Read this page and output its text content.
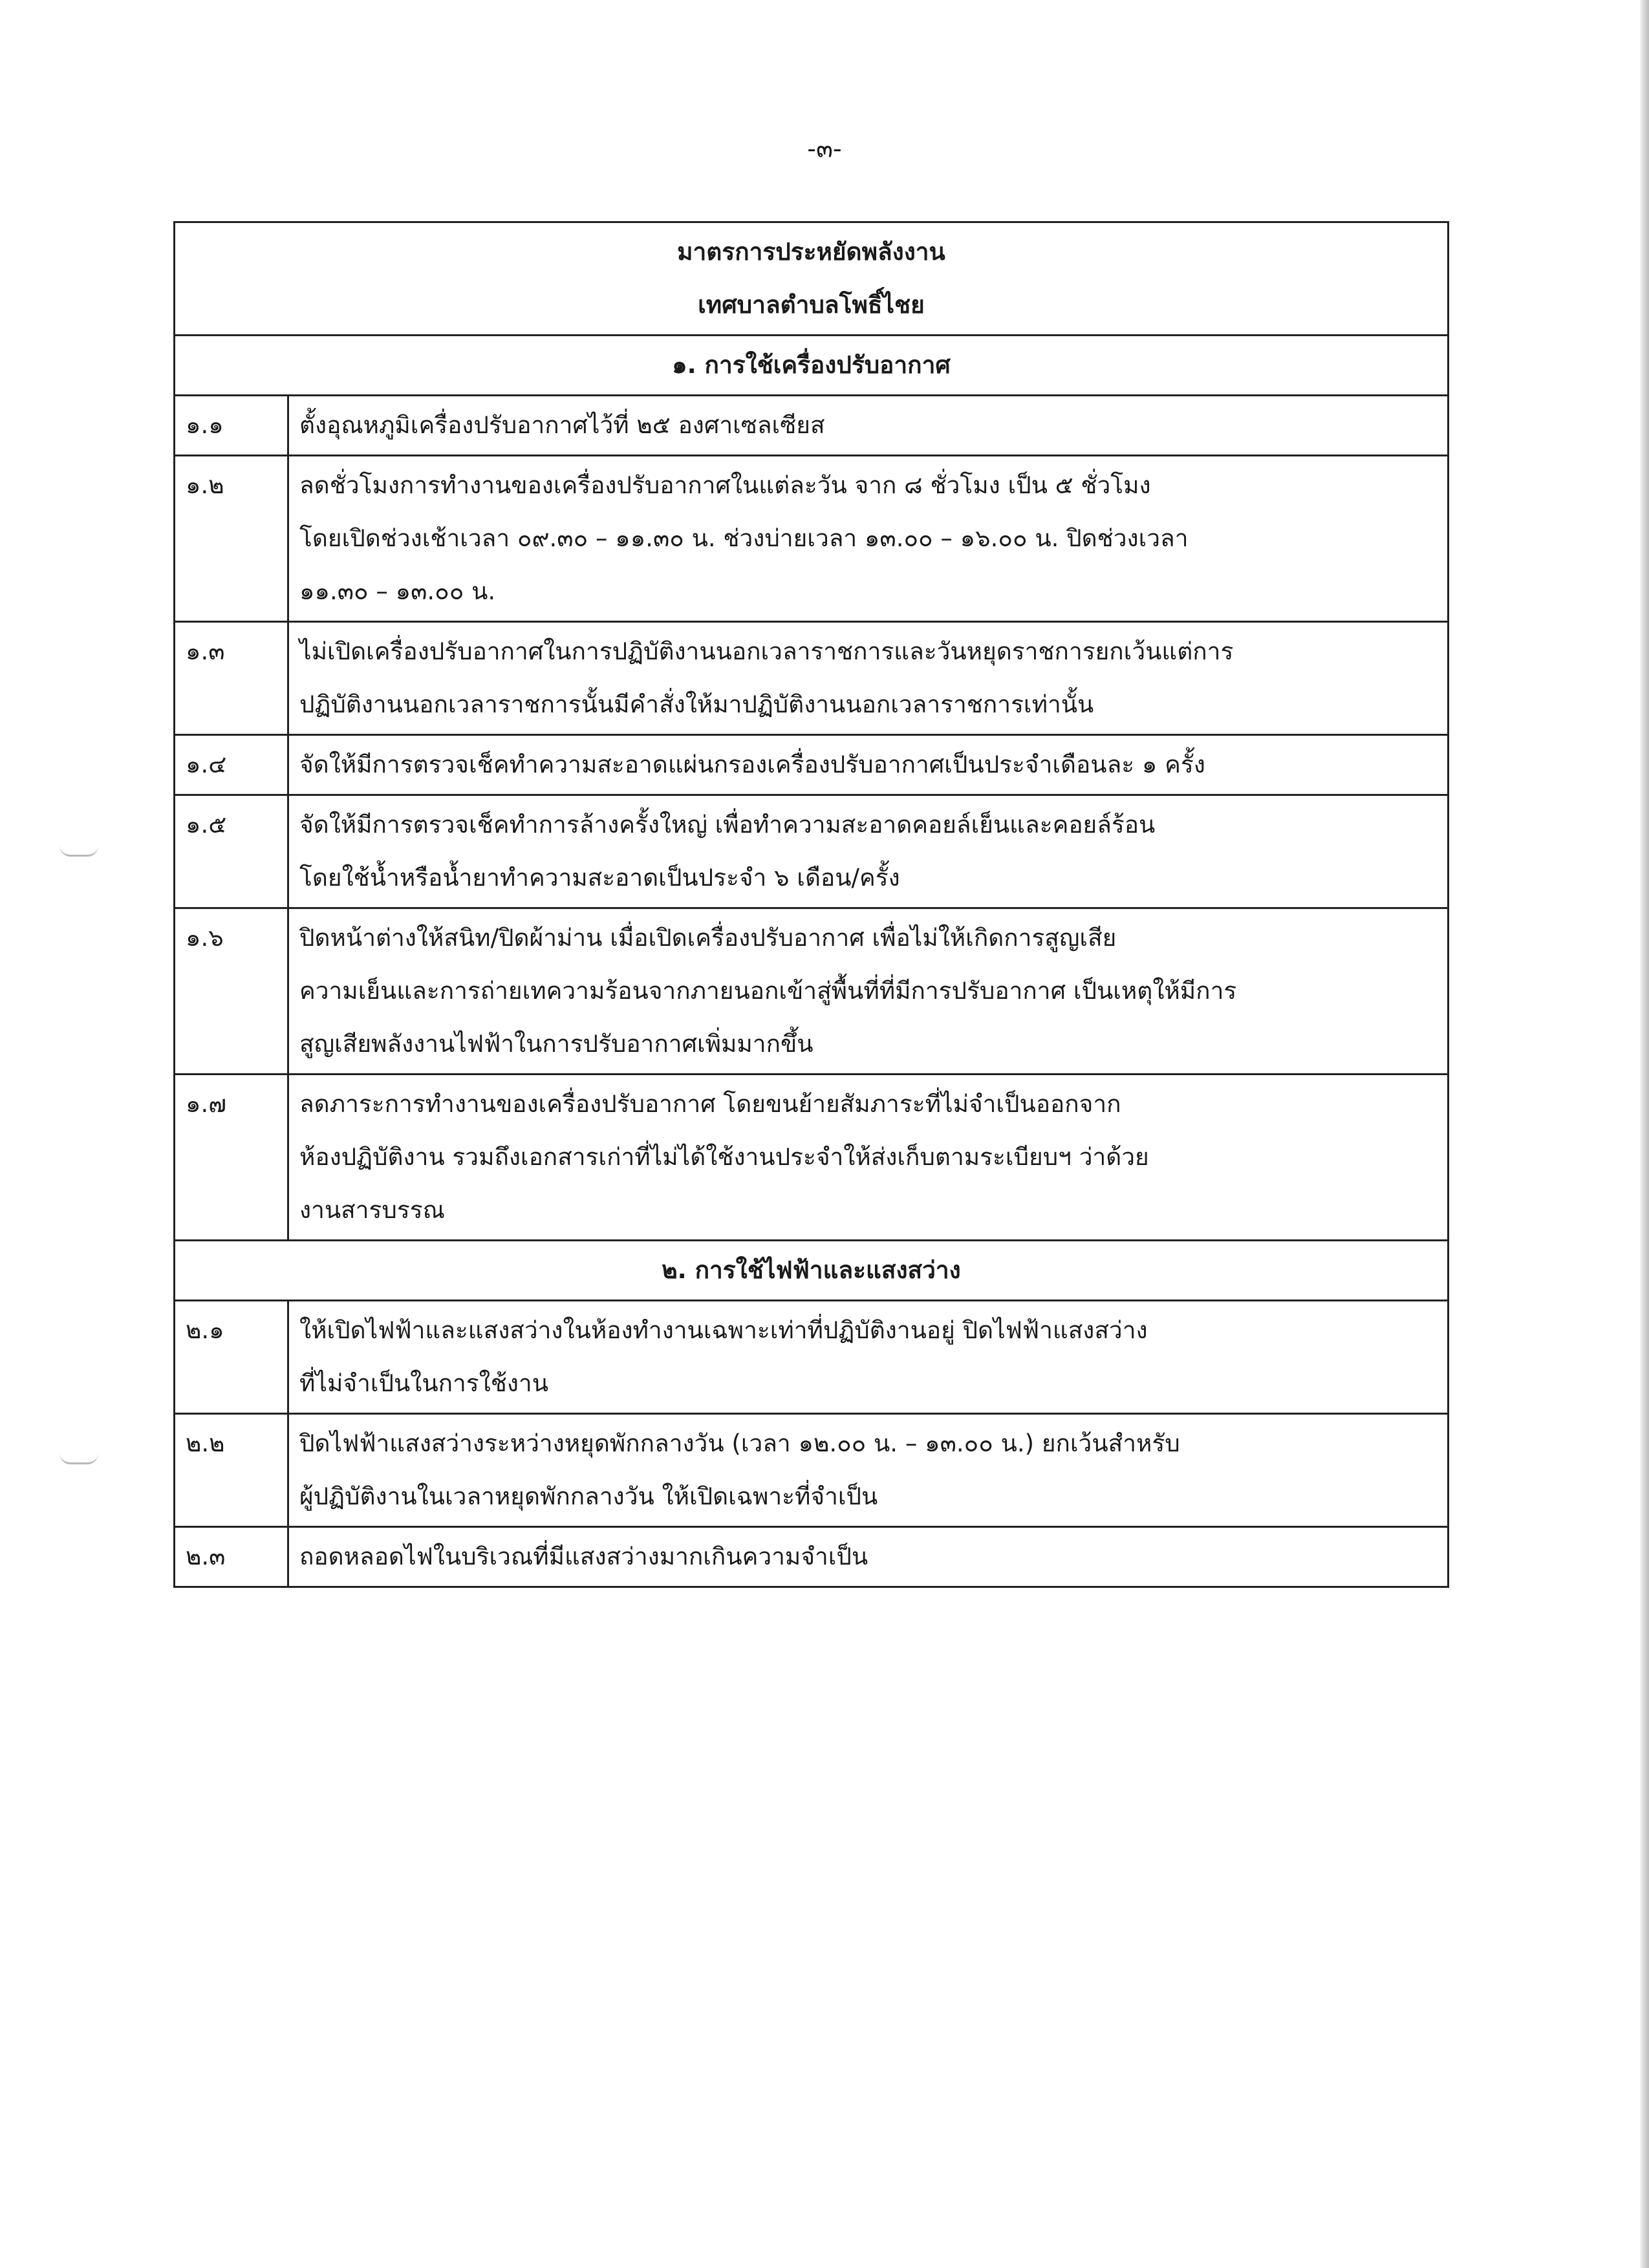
-๓-
มาตรการประหยัดพลังงาน
เทศบาลตำบลโพธิ์ไชย	

๑. การใช้เครื่องปรับอากาศ	
๑.๑	ตั้งอุณหภูมิเครื่องปรับอากาศไว้ที่ ๒๕ องศาเซลเซียส

๑.๒	ลดชั่วโมงการทำงานของเครื่องปรับอากาศในแต่ละวัน จาก ๘ ชั่วโมง เป็น ๕ ชั่วโมง
โดยเปิดช่วงเช้าเวลา ๐๙.๓๐ – ๑๑.๓๐ น. ช่วงบ่ายเวลา ๑๓.๐๐ – ๑๖.๐๐ น. ปิดช่วงเวลา
๑๑.๓๐ – ๑๓.๐๐ น.

๑.๓	ไม่เปิดเครื่องปรับอากาศในการปฏิบัติงานนอกเวลาราชการและวันหยุดราชการยกเว้นแต่การ
ปฏิบัติงานนอกเวลาราชการนั้นมีคำสั่งให้มาปฏิบัติงานนอกเวลาราชการเท่านั้น

๑.๔	จัดให้มีการตรวจเช็คทำความสะอาดแผ่นกรองเครื่องปรับอากาศเป็นประจำเดือนละ ๑ ครั้ง

๑.๕	จัดให้มีการตรวจเช็คทำการล้างครั้งใหญ่ เพื่อทำความสะอาดคอยล์เย็นและคอยล์ร้อน
โดยใช้น้ำหรือน้ำยาทำความสะอาดเป็นประจำ ๖ เดือน/ครั้ง

๑.๖	ปิดหน้าต่างให้สนิท/ปิดผ้าม่าน เมื่อเปิดเครื่องปรับอากาศ เพื่อไม่ให้เกิดการสูญเสีย
ความเย็นและการถ่ายเทความร้อนจากภายนอกเข้าสู่พื้นที่ที่มีการปรับอากาศ เป็นเหตุให้มีการ
สูญเสียพลังงานไฟฟ้าในการปรับอากาศเพิ่มมากขึ้น

๑.๗	ลดภาระการทำงานของเครื่องปรับอากาศ โดยขนย้ายสัมภาระที่ไม่จำเป็นออกจาก
ห้องปฏิบัติงาน รวมถึงเอกสารเก่าที่ไม่ได้ใช้งานประจำให้ส่งเก็บตามระเบียบฯ ว่าด้วย
งานสารบรรณ

๒. การใช้ไฟฟ้าและแสงสว่าง	
๒.๑	ให้เปิดไฟฟ้าและแสงสว่างในห้องทำงานเฉพาะเท่าที่ปฏิบัติงานอยู่ ปิดไฟฟ้าแสงสว่าง
ที่ไม่จำเป็นในการใช้งาน

๒.๒	ปิดไฟฟ้าแสงสว่างระหว่างหยุดพักกลางวัน (เวลา ๑๒.๐๐ น. – ๑๓.๐๐ น.) ยกเว้นสำหรับ
ผู้ปฏิบัติงานในเวลาหยุดพักกลางวัน ให้เปิดเฉพาะที่จำเป็น

๒.๓	ถอดหลอดไฟในบริเวณที่มีแสงสว่างมากเกินความจำเป็น
